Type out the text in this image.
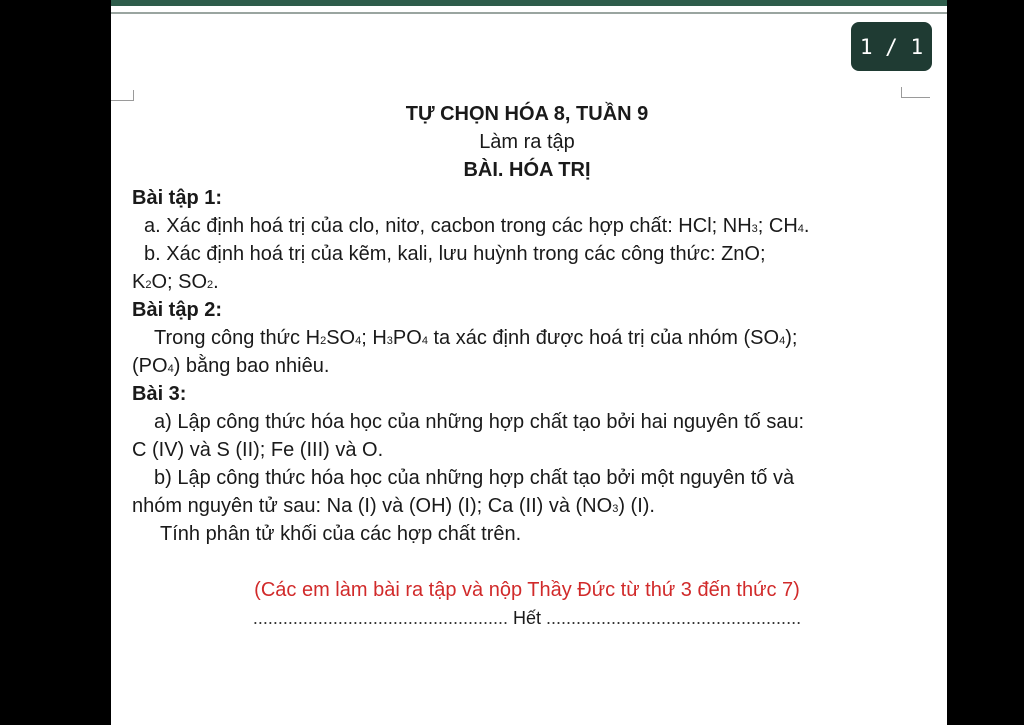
1 / 1
TỰ CHỌN HÓA 8, TUẦN 9
Làm ra tập
BÀI. HÓA TRỊ
Bài tập 1:
a. Xác định hoá trị của clo, nitơ, cacbon trong các hợp chất: HCl; NH3; CH4.
b. Xác định hoá trị của kẽm, kali, lưu huỳnh trong các công thức: ZnO;
K2O; SO2.
Bài tập 2:
Trong công thức H2SO4; H3PO4 ta xác định được hoá trị của nhóm (SO4);
(PO4) bằng bao nhiêu.
Bài 3:
a) Lập công thức hóa học của những hợp chất tạo bởi hai nguyên tố sau:
C (IV) và S (II); Fe (III) và O.
b) Lập công thức hóa học của những hợp chất tạo bởi một nguyên tố và
nhóm nguyên tử sau: Na (I) và (OH) (I); Ca (II) và (NO3) (I).
Tính phân tử khối của các hợp chất trên.
(Các em làm bài ra tập và nộp Thầy Đức từ thứ 3 đến thức 7)
................................................... Hết ...................................................
